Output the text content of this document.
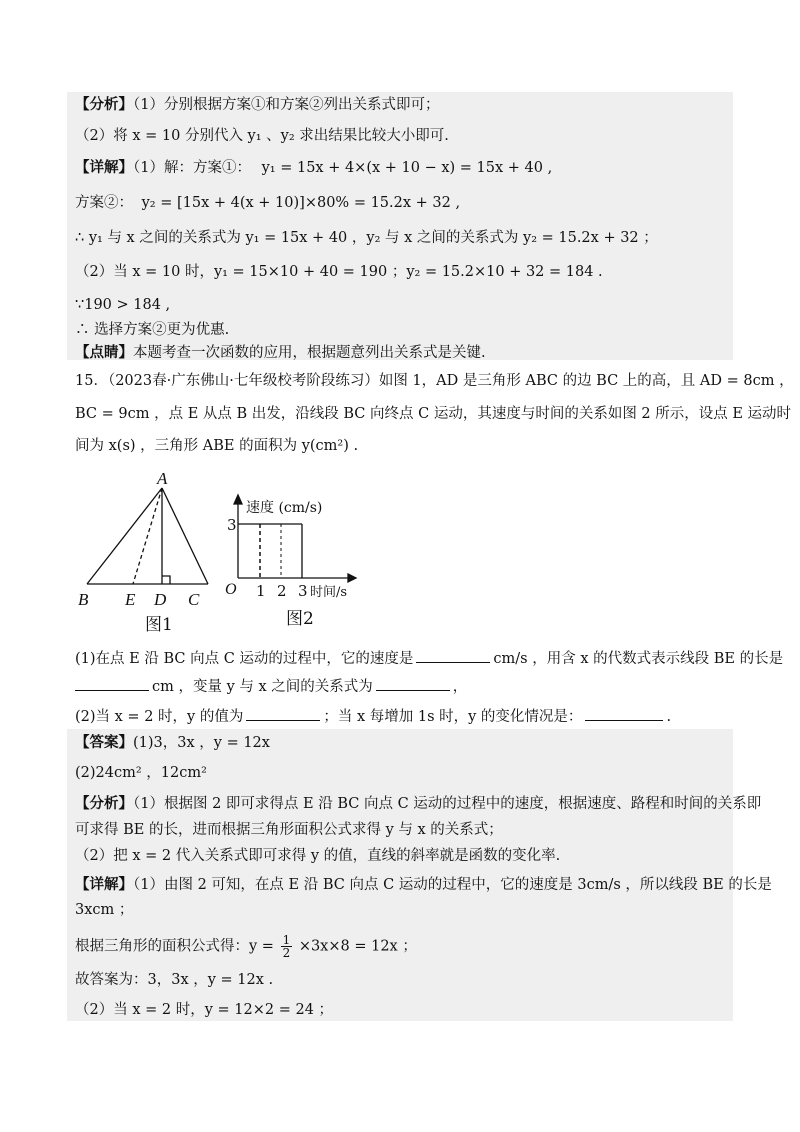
【分析】（1）分别根据方案①和方案②列出关系式即可；
（2）将 x = 10 分别代入 y₁ 、y₂ 求出结果比较大小即可.
【详解】（1）解：方案①： y₁ = 15x + 4×(x + 10 − x) = 15x + 40 ,
方案②： y₂ = [15x + 4(x + 10)]×80% = 15.2x + 32 ,
∴ y₁ 与 x 之间的关系式为 y₁ = 15x + 40 ，y₂ 与 x 之间的关系式为 y₂ = 15.2x + 32 ；
（2）当 x = 10 时，y₁ = 15×10 + 40 = 190 ；y₂ = 15.2×10 + 32 = 184 .
∵190 > 184 ,
∴ 选择方案②更为优惠.
【点睛】本题考查一次函数的应用，根据题意列出关系式是关键.
15．（2023春·广东佛山·七年级校考阶段练习）如图 1，AD 是三角形 ABC 的边 BC 上的高，且 AD = 8cm ，
BC = 9cm ，点 E 从点 B 出发，沿线段 BC 向终点 C 运动，其速度与时间的关系如图 2 所示，设点 E 运动时
间为 x(s) ，三角形 ABE 的面积为 y(cm²) .
A
B E D C
图1
速度 (cm/s)
3
O 1 2 3 时间/s
图2
(1)在点 E 沿 BC 向点 C 运动的过程中，它的速度是	cm/s ，用含 x 的代数式表示线段 BE 的长是
cm ，变量 y 与 x 之间的关系式为	，
(2)当 x = 2 时，y 的值为	；当 x 每增加 1s 时，y 的变化情况是：	.
【答案】(1)3，3x ，y = 12x
(2)24cm² ，12cm²
【分析】（1）根据图 2 即可求得点 E 沿 BC 向点 C 运动的过程中的速度，根据速度、路程和时间的关系即
可求得 BE 的长，进而根据三角形面积公式求得 y 与 x 的关系式；
（2）把 x = 2 代入关系式即可求得 y 的值，直线的斜率就是函数的变化率.
【详解】（1）由图 2 可知，在点 E 沿 BC 向点 C 运动的过程中，它的速度是 3cm/s ，所以线段 BE 的长是
3xcm ；
根据三角形的面积公式得：$y = \frac{1}{2} \times 3x\times 8 = 12x$ ；
故答案为：3，3x ，y = 12x .
（2）当 x = 2 时，y = 12×2 = 24 ；
